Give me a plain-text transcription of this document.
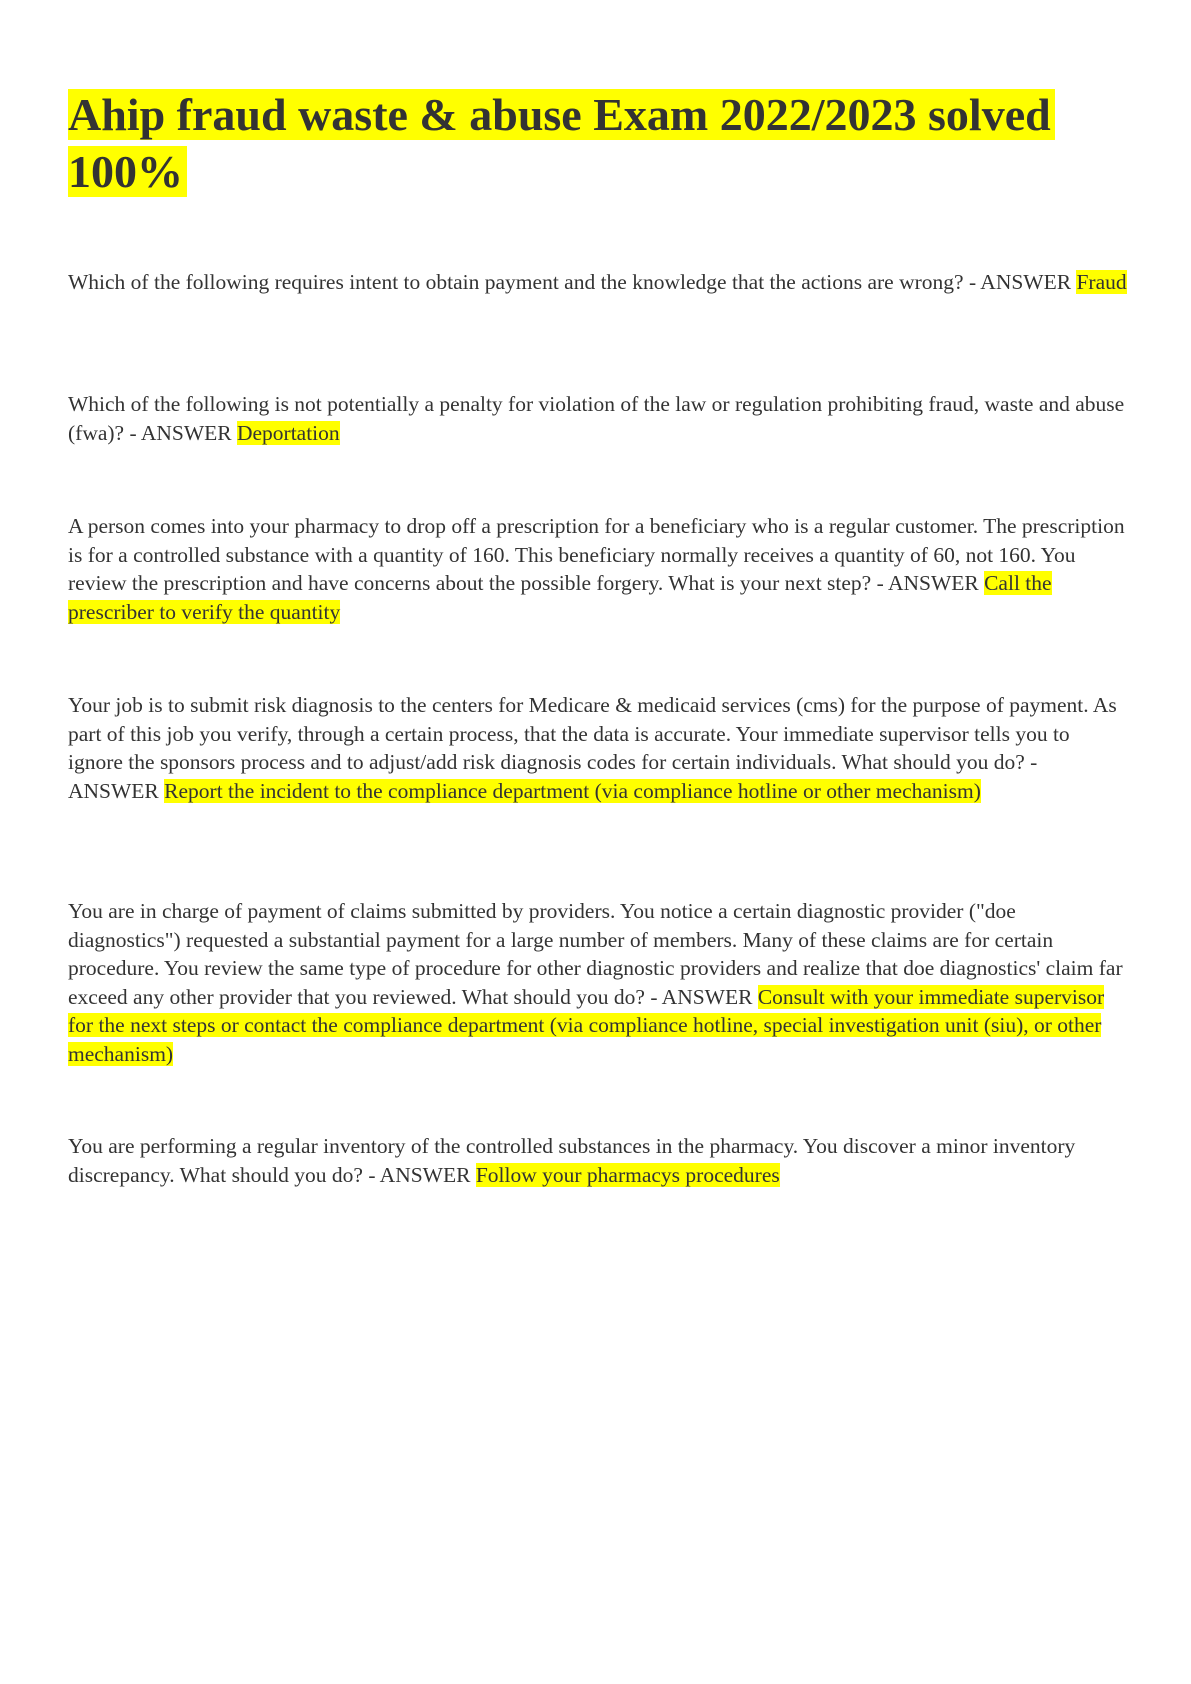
Ahip fraud waste & abuse Exam 2022/2023 solved 100%

Which of the following requires intent to obtain payment and the knowledge that the actions are wrong? - ANSWER Fraud

Which of the following is not potentially a penalty for violation of the law or regulation prohibiting fraud, waste and abuse (fwa)? - ANSWER Deportation

A person comes into your pharmacy to drop off a prescription for a beneficiary who is a regular customer. The prescription is for a controlled substance with a quantity of 160. This beneficiary normally receives a quantity of 60, not 160. You review the prescription and have concerns about the possible forgery. What is your next step? - ANSWER Call the prescriber to verify the quantity

Your job is to submit risk diagnosis to the centers for Medicare & medicaid services (cms) for the purpose of payment. As part of this job you verify, through a certain process, that the data is accurate. Your immediate supervisor tells you to ignore the sponsors process and to adjust/add risk diagnosis codes for certain individuals. What should you do? - ANSWER Report the incident to the compliance department (via compliance hotline or other mechanism)

You are in charge of payment of claims submitted by providers. You notice a certain diagnostic provider ("doe diagnostics") requested a substantial payment for a large number of members. Many of these claims are for certain procedure. You review the same type of procedure for other diagnostic providers and realize that doe diagnostics' claim far exceed any other provider that you reviewed. What should you do? - ANSWER Consult with your immediate supervisor for the next steps or contact the compliance department (via compliance hotline, special investigation unit (siu), or other mechanism)

You are performing a regular inventory of the controlled substances in the pharmacy. You discover a minor inventory discrepancy. What should you do? - ANSWER Follow your pharmacys procedures
